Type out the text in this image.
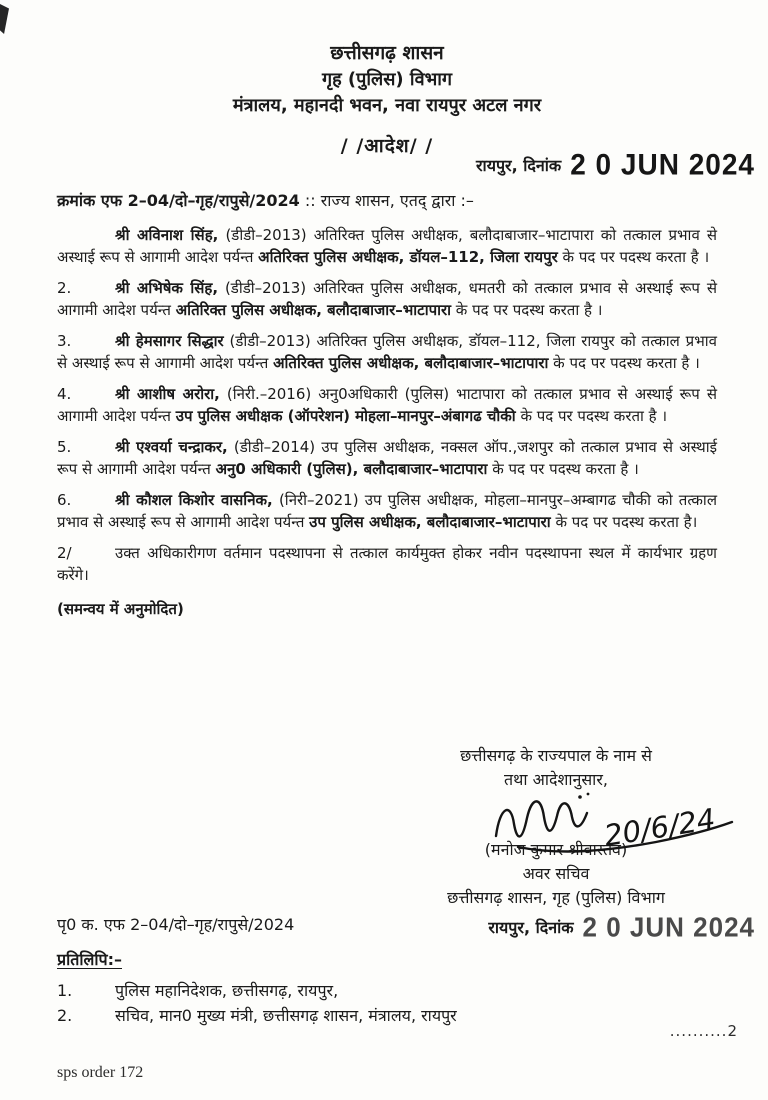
छत्तीसगढ़ शासन
गृह (पुलिस) विभाग
मंत्रालय, महानदी भवन, नवा रायपुर अटल नगर
/ /आदेश/ /
रायपुर, दिनांक 2 0 JUN 2024
क्रमांक एफ 2–04/दो–गृह/रापुसे/2024 :: राज्य शासन, एतद् द्वारा :–

श्री अविनाश सिंह, (डीडी–2013) अतिरिक्त पुलिस अधीक्षक, बलौदाबाजार–भाटापारा को तत्काल प्रभाव से अस्थाई रूप से आगामी आदेश पर्यन्त अतिरिक्त पुलिस अधीक्षक, डॉयल–112, जिला रायपुर के पद पर पदस्थ करता है ।

2.	श्री अभिषेक सिंह, (डीडी–2013) अतिरिक्त पुलिस अधीक्षक, धमतरी को तत्काल प्रभाव से अस्थाई रूप से आगामी आदेश पर्यन्त अतिरिक्त पुलिस अधीक्षक, बलौदाबाजार–भाटापारा के पद पर पदस्थ करता है ।

3.	श्री हेमसागर सिद्धार (डीडी–2013) अतिरिक्त पुलिस अधीक्षक, डॉयल–112, जिला रायपुर को तत्काल प्रभाव से अस्थाई रूप से आगामी आदेश पर्यन्त अतिरिक्त पुलिस अधीक्षक, बलौदाबाजार–भाटापारा के पद पर पदस्थ करता है ।

4.	श्री आशीष अरोरा, (निरी.–2016) अनु0अधिकारी (पुलिस) भाटापारा को तत्काल प्रभाव से अस्थाई रूप से आगामी आदेश पर्यन्त उप पुलिस अधीक्षक (ऑपरेशन) मोहला–मानपुर–अंबागढ चौकी के पद पर पदस्थ करता है ।

5.	श्री एश्वर्या चन्द्राकर, (डीडी–2014) उप पुलिस अधीक्षक, नक्सल ऑप.,जशपुर को तत्काल प्रभाव से अस्थाई रूप से आगामी आदेश पर्यन्त अनु0 अधिकारी (पुलिस), बलौदाबाजार–भाटापारा के पद पर पदस्थ करता है ।

6.	श्री कौशल किशोर वासनिक, (निरी–2021) उप पुलिस अधीक्षक, मोहला–मानपुर–अम्बागढ चौकी को तत्काल प्रभाव से अस्थाई रूप से आगामी आदेश पर्यन्त उप पुलिस अधीक्षक, बलौदाबाजार–भाटापारा के पद पर पदस्थ करता है।

2/	उक्त अधिकारीगण वर्तमान पदस्थापना से तत्काल कार्यमुक्त होकर नवीन पदस्थापना स्थल में कार्यभार ग्रहण करेंगे।

(समन्वय में अनुमोदित)
छत्तीसगढ़ के राज्यपाल के नाम से
तथा आदेशानुसार,
20/6/24
(मनोज कुमार श्रीवास्तव)
अवर सचिव
छत्तीसगढ़ शासन, गृह (पुलिस) विभाग
पृ0 क. एफ 2–04/दो–गृह/रापुसे/2024	रायपुर, दिनांक 2 0 JUN 2024
प्रतिलिपि:–
1.	पुलिस महानिदेशक, छत्तीसगढ़, रायपुर,
2.	सचिव, मान0 मुख्य मंत्री, छत्तीसगढ़ शासन, मंत्रालय, रायपुर
..........2
sps order 172
